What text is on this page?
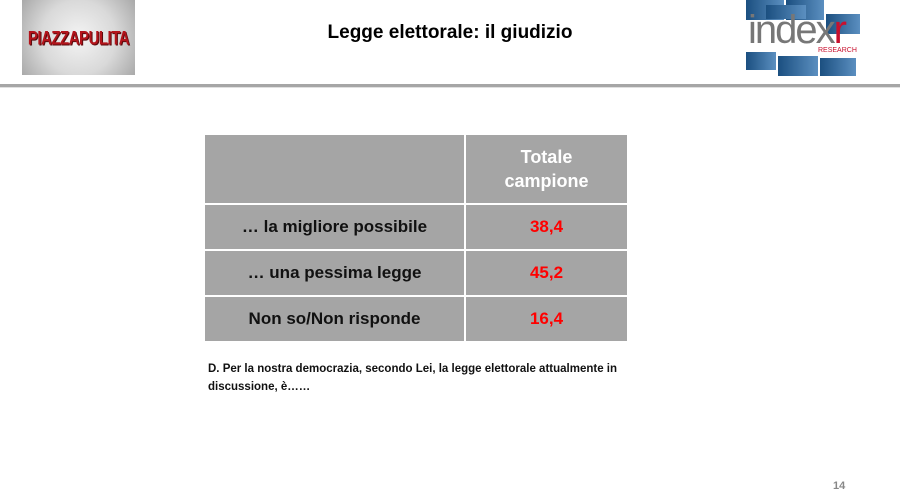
PIAZZAPULITA	Legge elettorale: il giudizio	indexr
RESEARCH

	Totale campione

… la migliore possibile	38,4
… una pessima legge	45,2
Non so/Non risponde	16,4
D. Per la nostra democrazia, secondo Lei, la legge elettorale attualmente in discussione, è……
14
